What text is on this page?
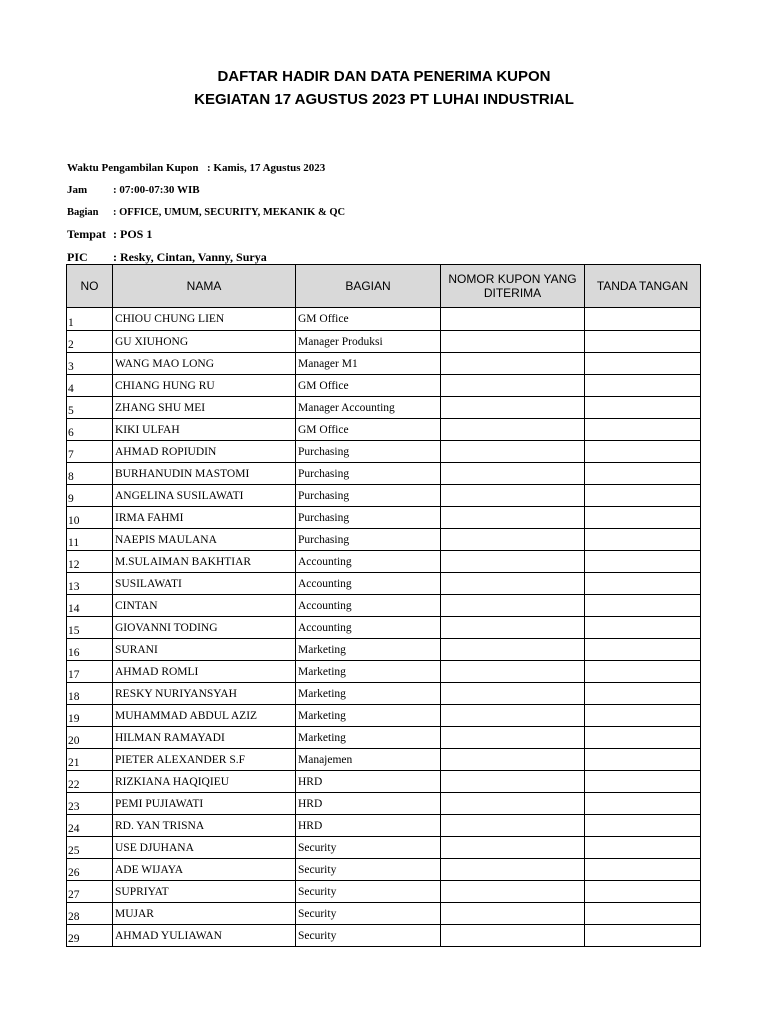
DAFTAR HADIR DAN DATA PENERIMA KUPON
KEGIATAN 17 AGUSTUS 2023 PT LUHAI INDUSTRIAL
Waktu Pengambilan Kupon : Kamis, 17 Agustus 2023
Jam : 07:00-07:30 WIB
Bagian : OFFICE, UMUM, SECURITY, MEKANIK & QC
Tempat : POS 1
PIC : Resky, Cintan, Vanny, Surya
NO	NAMA	BAGIAN	NOMOR KUPON YANG DITERIMA	TANDA TANGAN
1	CHIOU CHUNG LIEN	GM Office		
2	GU XIUHONG	Manager Produksi		
3	WANG MAO LONG	Manager M1		
4	CHIANG HUNG RU	GM Office		
5	ZHANG SHU MEI	Manager Accounting		
6	KIKI ULFAH	GM Office		
7	AHMAD ROPIUDIN	Purchasing		
8	BURHANUDIN MASTOMI	Purchasing		
9	ANGELINA SUSILAWATI	Purchasing		
10	IRMA FAHMI	Purchasing		
11	NAEPIS MAULANA	Purchasing		
12	M.SULAIMAN BAKHTIAR	Accounting		
13	SUSILAWATI	Accounting		
14	CINTAN	Accounting		
15	GIOVANNI TODING	Accounting		
16	SURANI	Marketing		
17	AHMAD ROMLI	Marketing		
18	RESKY NURIYANSYAH	Marketing		
19	MUHAMMAD ABDUL AZIZ	Marketing		
20	HILMAN RAMAYADI	Marketing		
21	PIETER ALEXANDER S.F	Manajemen		
22	RIZKIANA HAQIQIEU	HRD		
23	PEMI PUJIAWATI	HRD		
24	RD. YAN TRISNA	HRD		
25	USE DJUHANA	Security		
26	ADE WIJAYA	Security		
27	SUPRIYAT	Security		
28	MUJAR	Security		
29	AHMAD YULIAWAN	Security		
